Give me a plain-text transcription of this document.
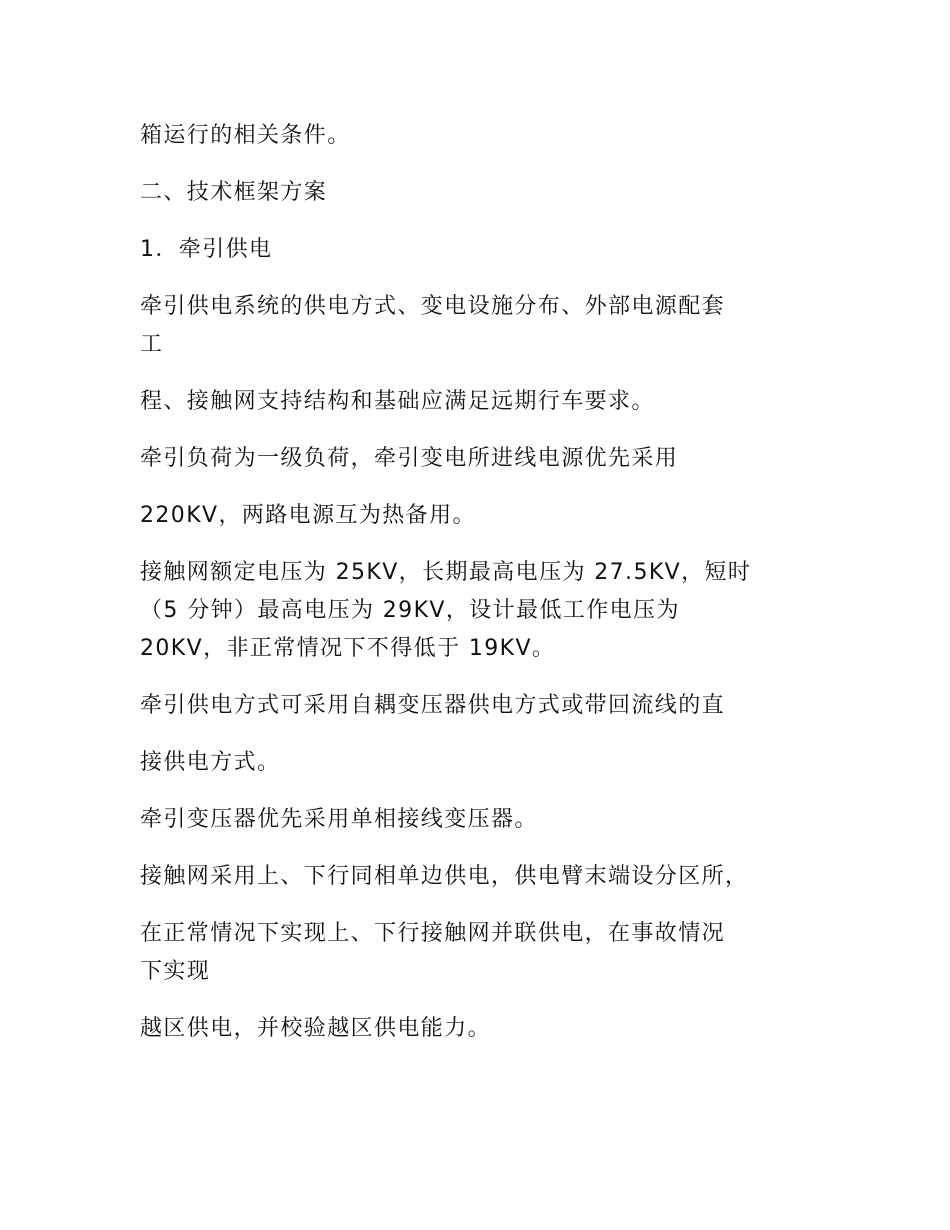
箱运行的相关条件。

二、技术框架方案

1．牵引供电

牵引供电系统的供电方式、变电设施分布、外部电源配套
工

程、接触网支持结构和基础应满足远期行车要求。

牵引负荷为一级负荷，牵引变电所进线电源优先采用

220KV，两路电源互为热备用。

接触网额定电压为 25KV，长期最高电压为 27.5KV，短时
（5 分钟）最高电压为 29KV，设计最低工作电压为
20KV，非正常情况下不得低于 19KV。

牵引供电方式可采用自耦变压器供电方式或带回流线的直

接供电方式。

牵引变压器优先采用单相接线变压器。

接触网采用上、下行同相单边供电，供电臂末端设分区所，

在正常情况下实现上、下行接触网并联供电，在事故情况
下实现

越区供电，并校验越区供电能力。
